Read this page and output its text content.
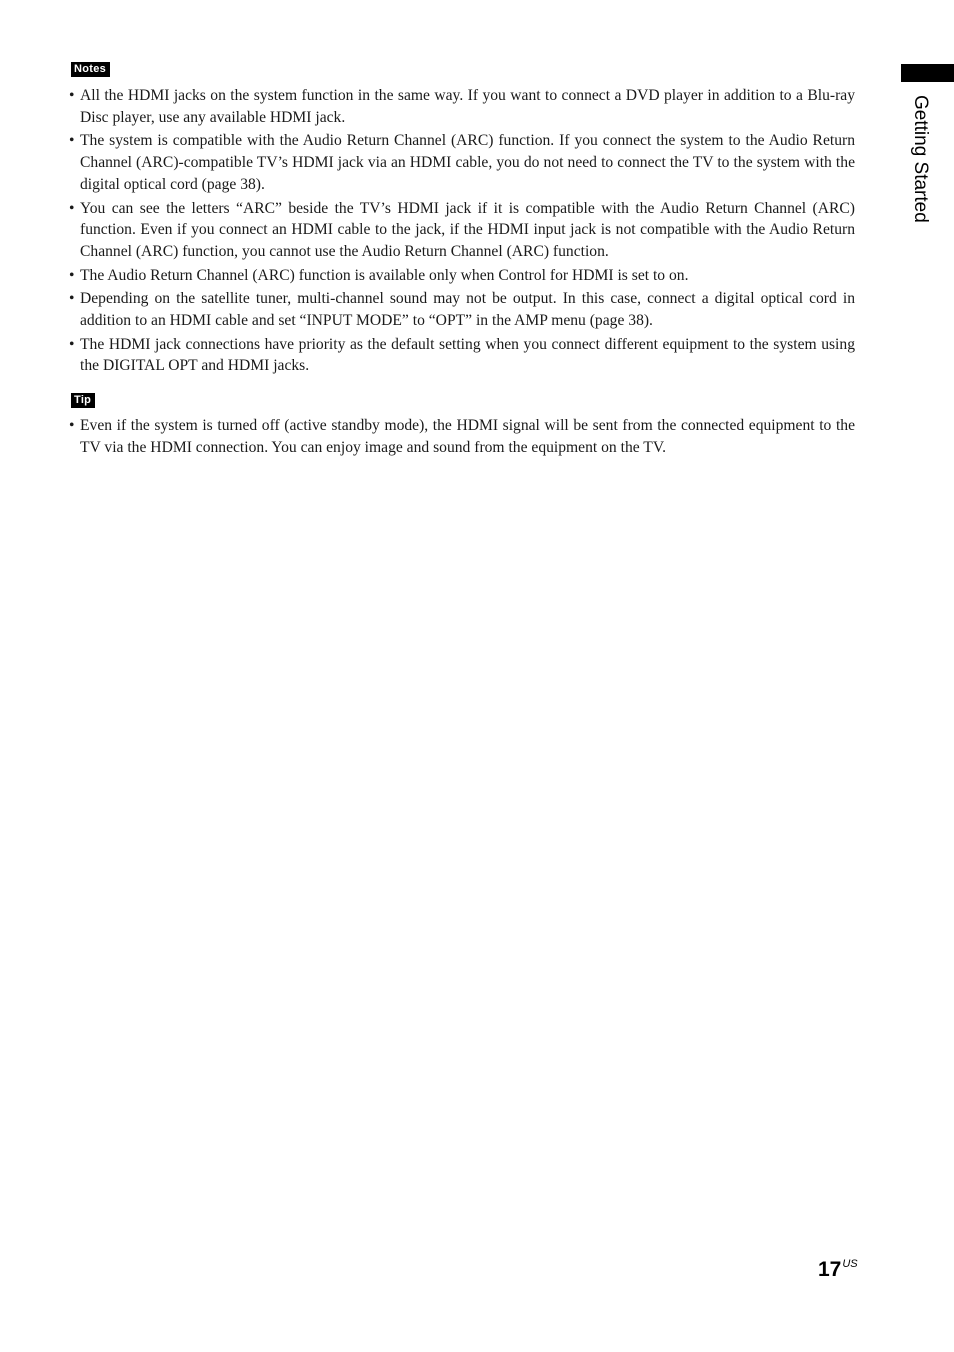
Notes
• All the HDMI jacks on the system function in the same way. If you want to connect a DVD player in addition to a Blu-ray Disc player, use any available HDMI jack.
• The system is compatible with the Audio Return Channel (ARC) function. If you connect the system to the Audio Return Channel (ARC)-compatible TV’s HDMI jack via an HDMI cable, you do not need to connect the TV to the system with the digital optical cord (page 38).
• You can see the letters “ARC” beside the TV’s HDMI jack if it is compatible with the Audio Return Channel (ARC) function. Even if you connect an HDMI cable to the jack, if the HDMI input jack is not compatible with the Audio Return Channel (ARC) function, you cannot use the Audio Return Channel (ARC) function.
• The Audio Return Channel (ARC) function is available only when Control for HDMI is set to on.
• Depending on the satellite tuner, multi-channel sound may not be output. In this case, connect a digital optical cord in addition to an HDMI cable and set “INPUT MODE” to “OPT” in the AMP menu (page 38).
• The HDMI jack connections have priority as the default setting when you connect different equipment to the system using the DIGITAL OPT and HDMI jacks.
Tip
• Even if the system is turned off (active standby mode), the HDMI signal will be sent from the connected equipment to the TV via the HDMI connection. You can enjoy image and sound from the equipment on the TV.
Getting Started
$17^{US}$
